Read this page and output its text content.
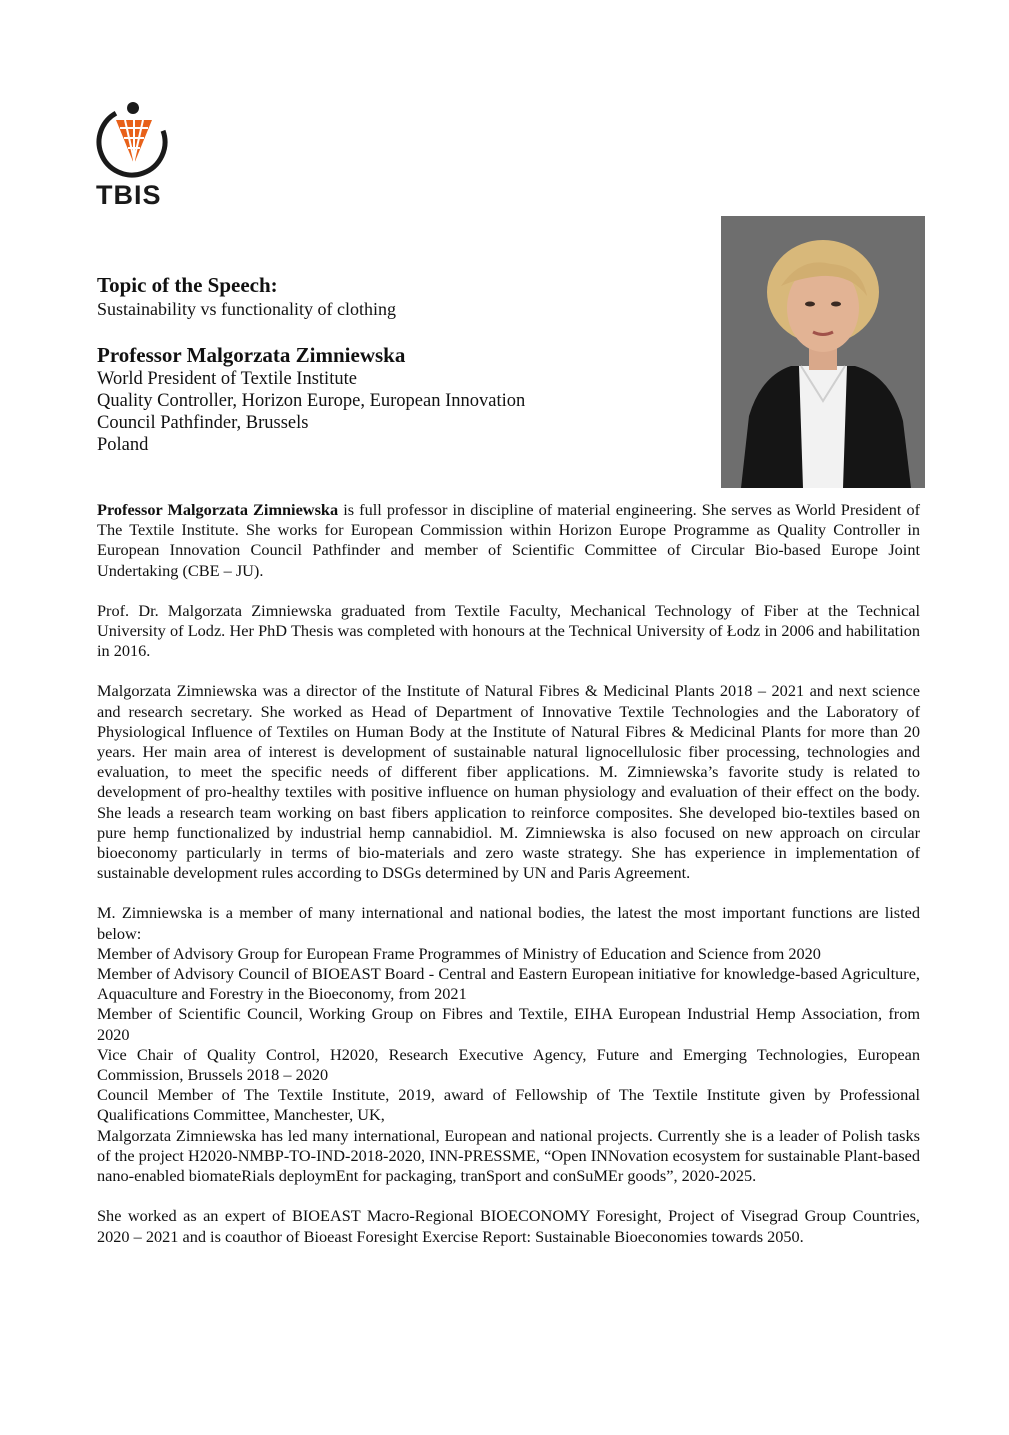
TBIS

Topic of the Speech:

Sustainability vs functionality of clothing

Professor Malgorzata Zimniewska

World President of Textile Institute

Quality Controller, Horizon Europe, European Innovation

Council Pathfinder, Brussels

Poland

Professor Malgorzata Zimniewska is full professor in discipline of material engineering. She serves as World President of The Textile Institute. She works for European Commission within Horizon Europe Programme as Quality Controller in European Innovation Council Pathfinder and member of Scientific Committee of Circular Bio-based Europe Joint Undertaking (CBE – JU).

Prof. Dr. Malgorzata Zimniewska graduated from Textile Faculty, Mechanical Technology of Fiber at the Technical University of Lodz. Her PhD Thesis was completed with honours at the Technical University of Łodz in 2006 and habilitation in 2016.

Malgorzata Zimniewska was a director of the Institute of Natural Fibres & Medicinal Plants 2018 – 2021 and next science and research secretary. She worked as Head of Department of Innovative Textile Technologies and the Laboratory of Physiological Influence of Textiles on Human Body at the Institute of Natural Fibres & Medicinal Plants for more than 20 years. Her main area of interest is development of sustainable natural lignocellulosic fiber processing, technologies and evaluation, to meet the specific needs of different fiber applications. M. Zimniewska’s favorite study is related to development of pro-healthy textiles with positive influence on human physiology and evaluation of their effect on the body. She leads a research team working on bast fibers application to reinforce composites. She developed bio-textiles based on pure hemp functionalized by industrial hemp cannabidiol. M. Zimniewska is also focused on new approach on circular bioeconomy particularly in terms of bio-materials and zero waste strategy. She has experience in implementation of sustainable development rules according to DSGs determined by UN and Paris Agreement.

M. Zimniewska is a member of many international and national bodies, the latest the most important functions are listed below:

Member of Advisory Group for European Frame Programmes of Ministry of Education and Science from 2020

Member of Advisory Council of BIOEAST Board - Central and Eastern European initiative for knowledge-based Agriculture, Aquaculture and Forestry in the Bioeconomy, from 2021

Member of Scientific Council, Working Group on Fibres and Textile, EIHA European Industrial Hemp Association, from 2020

Vice Chair of Quality Control, H2020, Research Executive Agency, Future and Emerging Technologies, European Commission, Brussels 2018 – 2020

Council Member of The Textile Institute, 2019, award of Fellowship of The Textile Institute given by Professional Qualifications Committee, Manchester, UK,

Malgorzata Zimniewska has led many international, European and national projects. Currently she is a leader of Polish tasks of the project H2020-NMBP-TO-IND-2018-2020, INN-PRESSME, “Open INNovation ecosystem for sustainable Plant-based nano-enabled biomateRials deploymEnt for packaging, tranSport and conSuMEr goods”, 2020-2025.

She worked as an expert of BIOEAST Macro-Regional BIOECONOMY Foresight, Project of Visegrad Group Countries, 2020 – 2021 and is coauthor of Bioeast Foresight Exercise Report: Sustainable Bioeconomies towards 2050.
